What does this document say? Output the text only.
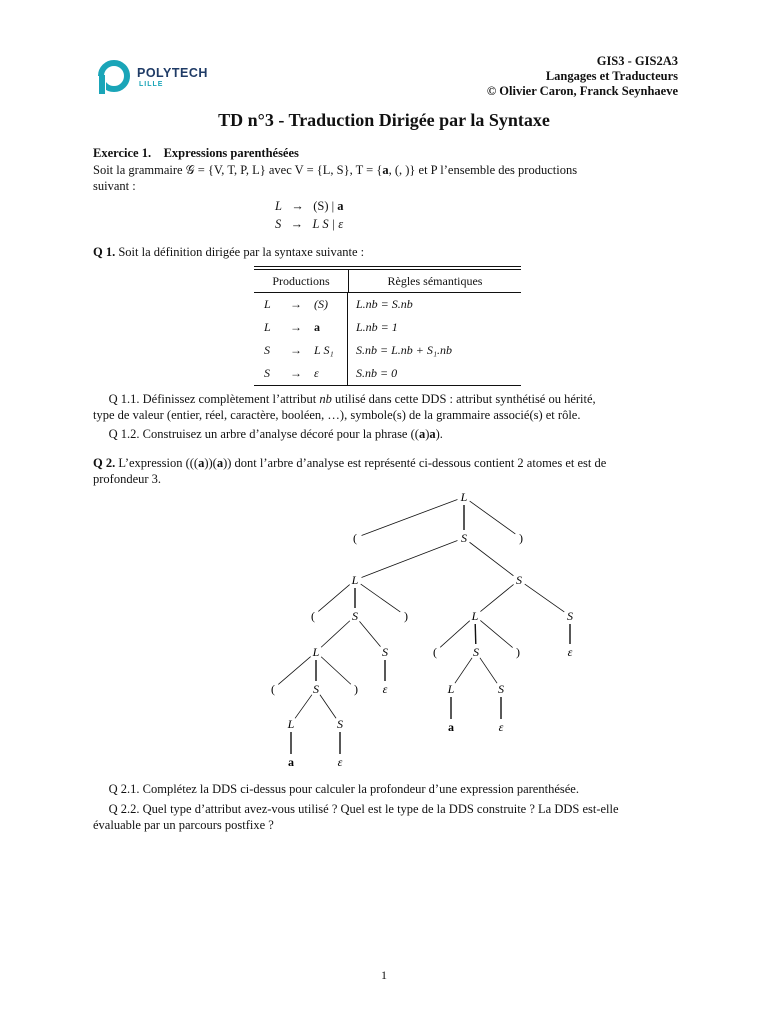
POLYTECH
LILLE
GIS3 - GIS2A3
Langages et Traducteurs
© Olivier Caron, Franck Seynhaeve
TD n°3 - Traduction Dirigée par la Syntaxe
Exercice 1. Expressions parenthésées
Soit la grammaire 𝒢 = {V, T, P, L} avec V = {L, S}, T = {a, (, )} et P l’ensemble des productions
suivant :
L → (S) | a
S → L S | ε
Q 1. Soit la définition dirigée par la syntaxe suivante :
Productions	Règles sémantiques
L	→	(S)	L.nb = S.nb
L	→	a	L.nb = 1
S	→	L S₁	S.nb = L.nb + S₁.nb
S	→	ε	S.nb = 0
Q 1.1. Définissez complètement l’attribut nb utilisé dans cette DDS : attribut synthétisé ou hérité,
type de valeur (entier, réel, caractère, booléen, …), symbole(s) de la grammaire associé(s) et rôle.
Q 1.2. Construisez un arbre d’analyse décoré pour la phrase ((a)a).
Q 2. L’expression (((a))(a)) dont l’arbre d’analyse est représenté ci-dessous contient 2 atomes et est de
profondeur 3.
L
(	S	)
L	S
(	S	)	L	S
L	S	ε
(	S	)
ε
(	S	)	L	S
L	S	a	ε
a	ε
Q 2.1. Complétez la DDS ci-dessus pour calculer la profondeur d’une expression parenthésée.
Q 2.2. Quel type d’attribut avez-vous utilisé ? Quel est le type de la DDS construite ? La DDS est-elle
évaluable par un parcours postfixe ?
1
